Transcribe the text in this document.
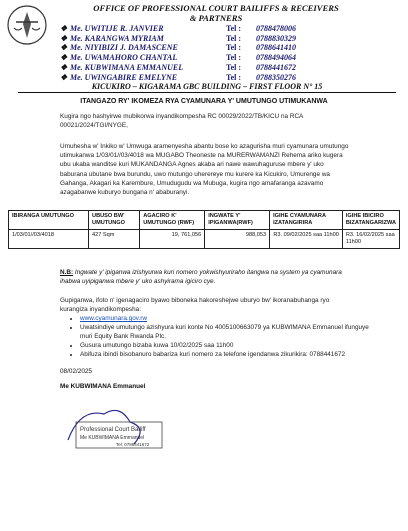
OFFICE OF PROFESSIONAL COURT BAILIFFS & RECEIVERS
& PARTNERS
❖ Me. UWITIJE R. JANVIER	Tel :	0788478006
❖ Me. KARANGWA MYRIAM	Tel :	0788830329
❖ Me. NIYIBIZI J. DAMASCENE	Tel :	0788641410
❖ Me. UWAMAHORO CHANTAL	Tel :	0788494064
❖ Me. KUBWIMANA EMMANUEL	Tel :	0788441672
❖ Me. UWINGABIRE EMELYNE	Tel :	0788350276
KICUKIRO – KIGARAMA GBC BUILDING – FIRST FLOOR N° 15
ITANGAZO RY' IKOMEZA RYA CYAMUNARA Y' UMUTUNGO UTIMUKANWA
Kugira ngo hashyirwe mubikorwa inyandikompesha RC 00029/2022/TB/KICU na RCA 00021/2024/TGI/NYGE,
Umuhesha w' Inkiko w' Umwuga aramenyesha abantu bose ko azagurisha muri cyamunara umutungo utimukanwa 1/03/01//03/4018 wa MUGABO Theoneste na MURERWAMANZI Rehema ariko kugera ubu ukaba wanditse kuri MUKANDANGA Agnes akaba ari nawe wawuhaguruse mbere y' uko baburana ubutane bwa burundu, uwo mutungo uherereye mu kurere ka Kicukiro, Umurenge wa Gahanga, Akagari ka Karembure, Umudugudu wa Mubuga, kugira ngo amafaranga azavamo azagabanwe kuburyo bungana n' ababuranyi.
IBIRANGA UMUTUNGO	UBUSO BW' UMUTUNGO	AGACIRO K' UMUTUNGO (RWF)	INGWATE Y' IPIGANWA(RWF)	IGIHE CYAMUNARA IZATANGIRIRA	IGIHE IBICIRO BIZATANGARIZWA
1/03/01//03/4018	427 Sqm	19, 761,056	988,053	R3. 09/02/2025 saa 11h00	R3. 16/02/2025 saa 11h00
N.B: Ingwate y' ipiganwa izishyurwa kuri nomero yokwishyuriraho itangwa na system ya cyamunara ihabwa uyipiganwa mbere y' uko ashyirama igiciro cye.
Gupiganwa, ifoto n' igenagaciro byawo biboneka hakoreshejwe uburyo bw' ikoranabuhanga ryo kurangiza inyandikompesha:
• www.cyamunara.gov.rw
• Uwatsindiye umutungo azishyura kuri konte No 4005100663079 ya KUBWIMANA Emmanuel ifunguye muri Equity Bank Rwanda Plc.
• Gusura umutungo bizaba kuwa 10/02/2025 saa 11h00
• Abifuza ibindi bisobanuro babariza kuri nomero za telefone igendanwa zikurikira: 0788441672
08/02/2025
Me KUBWIMANA Emmanuel
Professional Court Bailiff
Me KUBWIMANA Emmanuel
Tel: 0788441672
